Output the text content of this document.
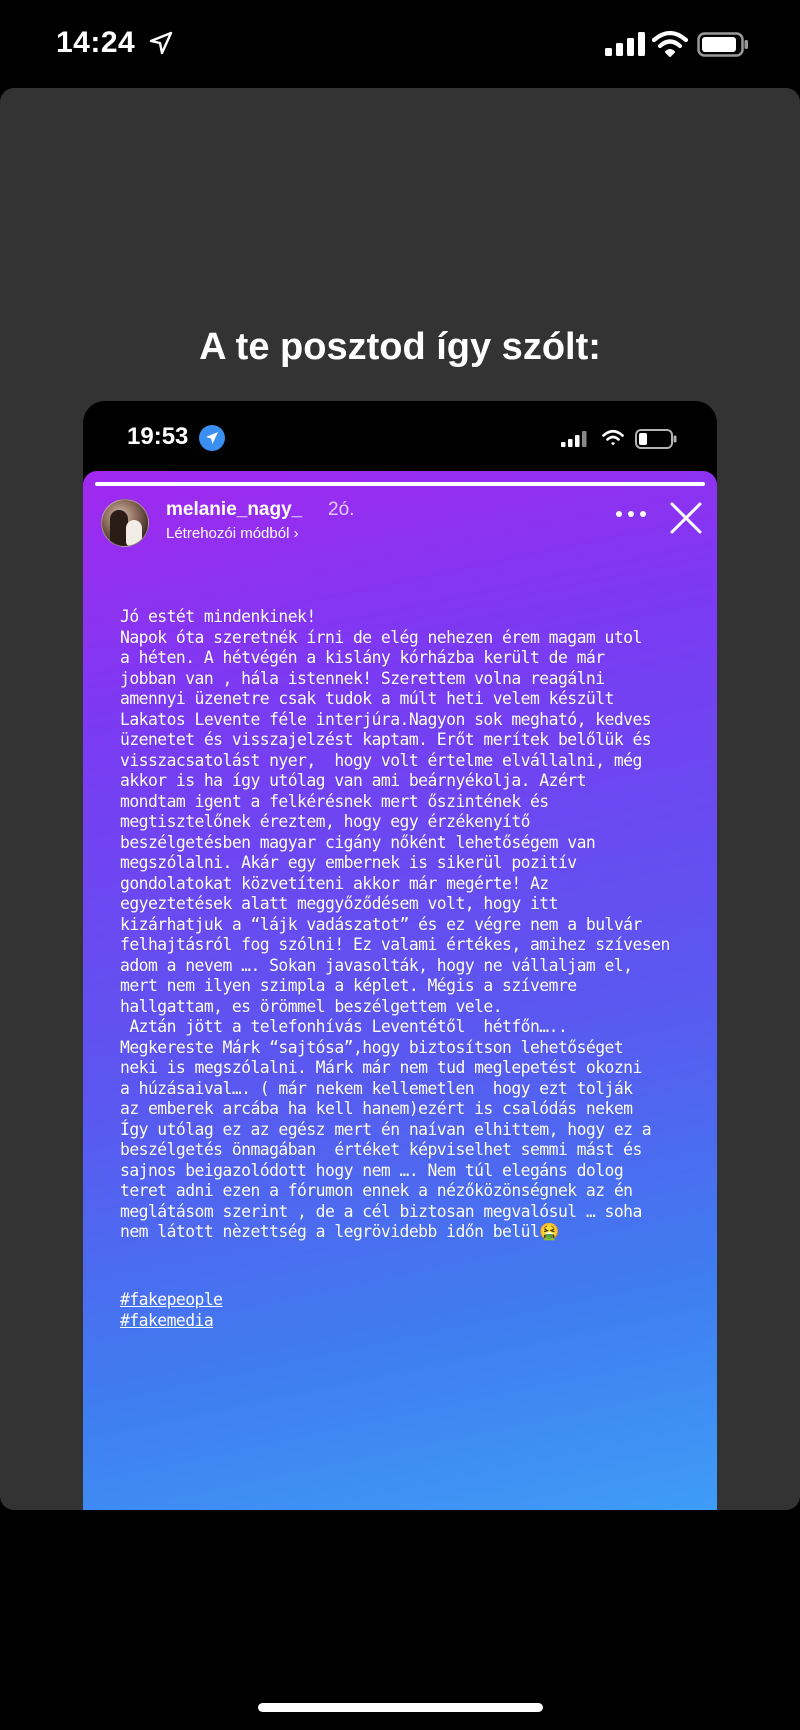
14:24
A te posztod így szólt:
19:53
melanie_nagy_ 2ó.
Létrehozói módból ›
Jó estét mindenkinek!
Napok óta szeretnék írni de elég nehezen érem magam utol
a héten. A hétvégén a kislány kórházba került de már
jobban van , hála istennek! Szerettem volna reagálni
amennyi üzenetre csak tudok a múlt heti velem készült
Lakatos Levente féle interjúra.Nagyon sok megható, kedves
üzenetet és visszajelzést kaptam. Erőt merítek belőlük és
visszacsatolást nyer,  hogy volt értelme elvállalni, még
akkor is ha így utólag van ami beárnyékolja. Azért
mondtam igent a felkérésnek mert őszintének és
megtisztelőnek éreztem, hogy egy érzékenyítő
beszélgetésben magyar cigány nőként lehetőségem van
megszólalni. Akár egy embernek is sikerül pozitív
gondolatokat közvetíteni akkor már megérte! Az
egyeztetések alatt meggyőződésem volt, hogy itt
kizárhatjuk a “lájk vadászatot” és ez végre nem a bulvár
felhajtásról fog szólni! Ez valami értékes, amihez szívesen
adom a nevem …. Sokan javasolták, hogy ne vállaljam el,
mert nem ilyen szimpla a képlet. Mégis a szívemre
hallgattam, es örömmel beszélgettem vele.
Aztán jött a telefonhívás Leventétől  hétfőn…..
Megkereste Márk “sajtósa”,hogy biztosítson lehetőséget
neki is megszólalni. Márk már nem tud meglepetést okozni
a húzásaival…. ( már nekem kellemetlen  hogy ezt tolják
az emberek arcába ha kell hanem)ezért is csalódás nekem
Így utólag ez az egész mert én naívan elhittem, hogy ez a
beszélgetés önmagában  értéket képviselhet semmi mást és
sajnos beigazolódott hogy nem …. Nem túl elegáns dolog
teret adni ezen a fórumon ennek a nézőközönségnek az én
meglátásom szerint , de a cél biztosan megvalósul … soha
nem látott nèzettség a legrövidebb időn belül🤮
#fakepeople
#fakemedia
